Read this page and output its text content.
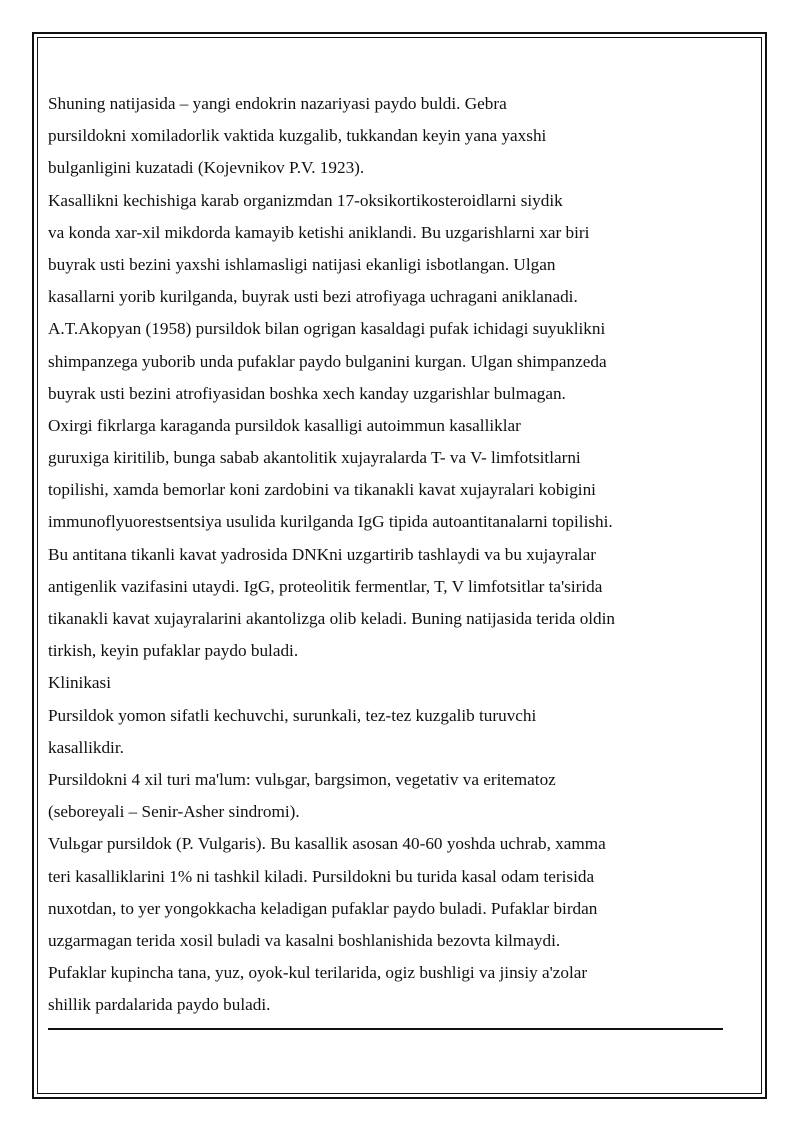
Shuning natijasida – yangi endokrin nazariyasi paydo buldi. Gebra
pursildokni xomiladorlik vaktida kuzgalib, tukkandan keyin yana yaxshi
bulganligini kuzatadi (Kojevnikov P.V. 1923).
Kasallikni kechishiga karab organizmdan 17-oksikortikosteroidlarni siydik
va konda xar-xil mikdorda kamayib ketishi aniklandi. Bu uzgarishlarni xar biri
buyrak usti bezini yaxshi ishlamasligi natijasi ekanligi isbotlangan. Ulgan
kasallarni yorib kurilganda, buyrak usti bezi atrofiyaga uchragani aniklanadi.
A.T.Akopyan (1958) pursildok bilan ogrigan kasaldagi pufak ichidagi suyuklikni
shimpanzega yuborib unda pufaklar paydo bulganini kurgan. Ulgan shimpanzeda
buyrak usti bezini atrofiyasidan boshka xech kanday uzgarishlar bulmagan.
Oxirgi fikrlarga karaganda pursildok kasalligi autoimmun kasalliklar
guruxiga kiritilib, bunga sabab akantolitik xujayralarda T- va V- limfotsitlarni
topilishi, xamda bemorlar koni zardobini va tikanakli kavat xujayralari kobigini
immunoflyuorestsentsiya usulida kurilganda IgG tipida autoantitanalarni topilishi.
Bu antitana tikanli kavat yadrosida DNKni uzgartirib tashlaydi va bu xujayralar
antigenlik vazifasini utaydi. IgG, proteolitik fermentlar, T, V limfotsitlar ta'sirida
tikanakli kavat xujayralarini akantolizga olib keladi. Buning natijasida terida oldin
tirkish, keyin pufaklar paydo buladi.
Klinikasi
Pursildok yomon sifatli kechuvchi, surunkali, tez-tez kuzgalib turuvchi
kasallikdir.
Pursildokni 4 xil turi ma'lum: vulьgar, bargsimon, vegetativ va eritematoz
(seboreyali – Senir-Asher sindromi).
Vulьgar pursildok (P. Vulgaris). Bu kasallik asosan 40-60 yoshda uchrab, xamma
teri kasalliklarini 1% ni tashkil kiladi. Pursildokni bu turida kasal odam terisida
nuxotdan, to yer yongokkacha keladigan pufaklar paydo buladi. Pufaklar birdan
uzgarmagan terida xosil buladi va kasalni boshlanishida bezovta kilmaydi.
Pufaklar kupincha tana, yuz, oyok-kul terilarida, ogiz bushligi va jinsiy a'zolar
shillik pardalarida paydo buladi.
